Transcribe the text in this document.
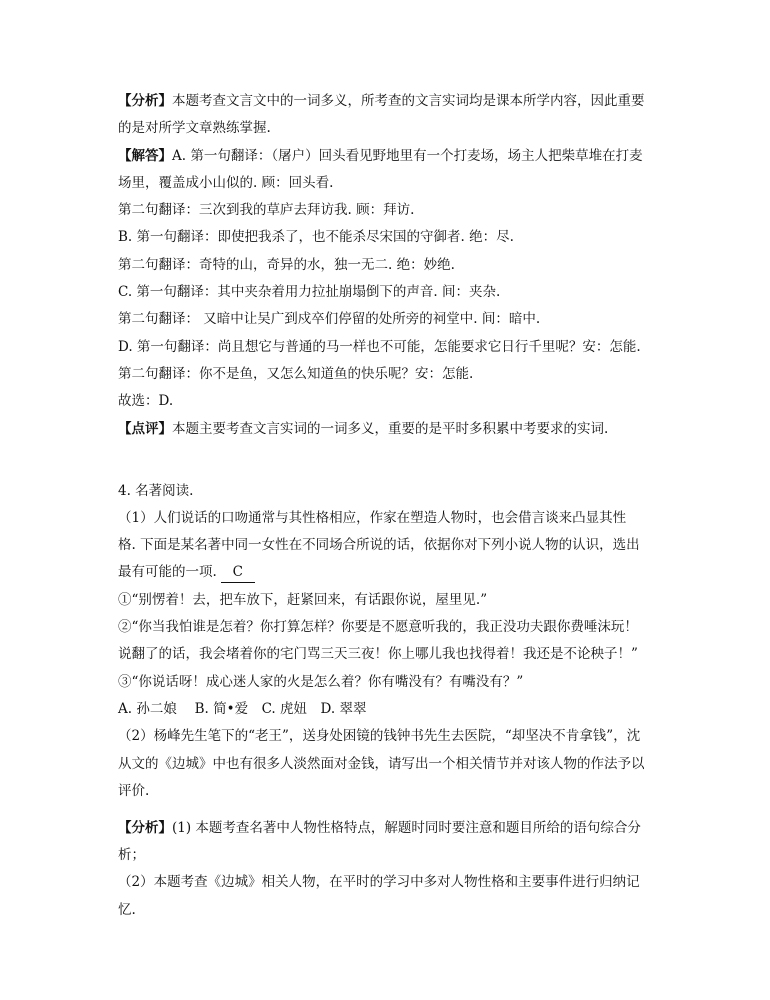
【分析】本题考查文言文中的一词多义，所考查的文言实词均是课本所学内容，因此重要
的是对所学文章熟练掌握.
【解答】A. 第一句翻译：（屠户）回头看见野地里有一个打麦场，场主人把柴草堆在打麦
场里，覆盖成小山似的. 顾：回头看.
第二句翻译：三次到我的草庐去拜访我. 顾：拜访.
B. 第一句翻译：即使把我杀了，也不能杀尽宋国的守御者. 绝：尽.
第二句翻译：奇特的山，奇异的水，独一无二. 绝：妙绝.
C. 第一句翻译：其中夹杂着用力拉扯崩塌倒下的声音. 间：夹杂.
第二句翻译： 又暗中让吴广到戍卒们停留的处所旁的祠堂中. 间：暗中.
D. 第一句翻译：尚且想它与普通的马一样也不可能，怎能要求它日行千里呢？安：怎能.
第二句翻译：你不是鱼，又怎么知道鱼的快乐呢？安：怎能.
故选：D.
【点评】本题主要考查文言实词的一词多义，重要的是平时多积累中考要求的实词.
4. 名著阅读.
（1）人们说话的口吻通常与其性格相应，作家在塑造人物时，也会借言谈来凸显其性
格. 下面是某名著中同一女性在不同场合所说的话，依据你对下列小说人物的认识，选出
最有可能的一项. C
①“别愣着！去，把车放下，赶紧回来，有话跟你说，屋里见.”
②“你当我怕谁是怎着？你打算怎样？你要是不愿意听我的，我正没功夫跟你费唾沫玩！
说翻了的话，我会堵着你的宅门骂三天三夜！你上哪儿我也找得着！我还是不论秧子！”
③“你说话呀！成心迷人家的火是怎么着？你有嘴没有？有嘴没有？”
A. 孙二娘　 B. 简•爱　C. 虎妞　D. 翠翠
（2）杨峰先生笔下的“老王”，送身处困镜的钱钟书先生去医院，“却坚决不肯拿钱”，沈
从文的《边城》中也有很多人淡然面对金钱，请写出一个相关情节并对该人物的作法予以
评价.
【分析】(1) 本题考查名著中人物性格特点，解题时同时要注意和题目所给的语句综合分
析；
（2）本题考查《边城》相关人物，在平时的学习中多对人物性格和主要事件进行归纳记
忆.
